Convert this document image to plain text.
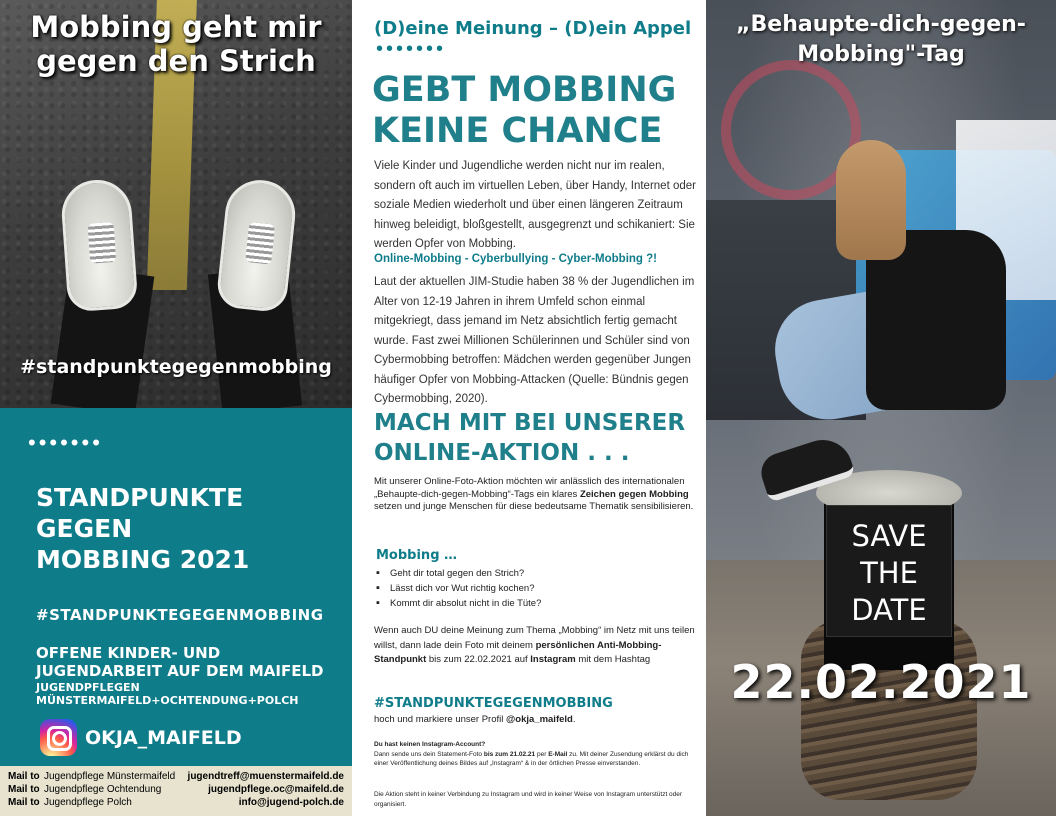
Mobbing geht mir
gegen den Strich
#standpunktegegenmobbing
•••••••
STANDPUNKTE
GEGEN
MOBBING 2021
#STANDPUNKTEGEGENMOBBING
OFFENE KINDER- UND
JUGENDARBEIT AUF DEM MAIFELD
JUGENDPFLEGEN
MÜNSTERMAIFELD+OCHTENDUNG+POLCH
OKJA_MAIFELD
Mail to Jugendpflege Münstermaifeld	jugendtreff@muenstermaifeld.de
Mail to Jugendpflege Ochtendung	jugendpflege.oc@maifeld.de
Mail to Jugendpflege Polch	info@jugend-polch.de
(D)eine Meinung – (D)ein Appel
•••••••
GEBT MOBBING
KEINE CHANCE

Viele Kinder und Jugendliche werden nicht nur im realen, sondern oft auch im virtuellen Leben, über Handy, Internet oder soziale Medien wiederholt und über einen längeren Zeitraum hinweg beleidigt, bloßgestellt, ausgegrenzt und schikaniert: Sie werden Opfer von Mobbing.

Online-Mobbing - Cyberbullying - Cyber-Mobbing ?!

Laut der aktuellen JIM-Studie haben 38 % der Jugendlichen im Alter von 12-19 Jahren in ihrem Umfeld schon einmal mitgekriegt, dass jemand im Netz absichtlich fertig gemacht wurde. Fast zwei Millionen Schülerinnen und Schüler sind von Cybermobbing betroffen: Mädchen werden gegenüber Jungen häufiger Opfer von Mobbing-Attacken (Quelle: Bündnis gegen Cybermobbing, 2020).

MACH MIT BEI UNSERER
ONLINE-AKTION . . .

Mit unserer Online-Foto-Aktion möchten wir anlässlich des internationalen „Behaupte-dich-gegen-Mobbing“-Tags ein klares Zeichen gegen Mobbing setzen und junge Menschen für diese bedeutsame Thematik sensibilisieren.

Mobbing …
▪ Geht dir total gegen den Strich?
▪ Lässt dich vor Wut richtig kochen?
▪ Kommt dir absolut nicht in die Tüte?

Wenn auch DU deine Meinung zum Thema „Mobbing“ im Netz mit uns teilen willst, dann lade dein Foto mit deinem persönlichen Anti-Mobbing-Standpunkt bis zum 22.02.2021 auf Instagram mit dem Hashtag

#STANDPUNKTEGEGENMOBBING
hoch und markiere unser Profil @okja_maifeld.
Du hast keinen Instagram-Account?
Dann sende uns dein Statement-Foto bis zum 21.02.21 per E-Mail zu. Mit deiner Zusendung erklärst du dich einer Veröffentlichung deines Bildes auf „Instagram“ & in der örtlichen Presse einverstanden.
Die Aktion steht in keiner Verbindung zu Instagram und wird in keiner Weise von Instagram unterstützt oder organisiert.
„Behaupte-dich-gegen-
Mobbing"-Tag
SAVE
THE
DATE
22.02.2021
